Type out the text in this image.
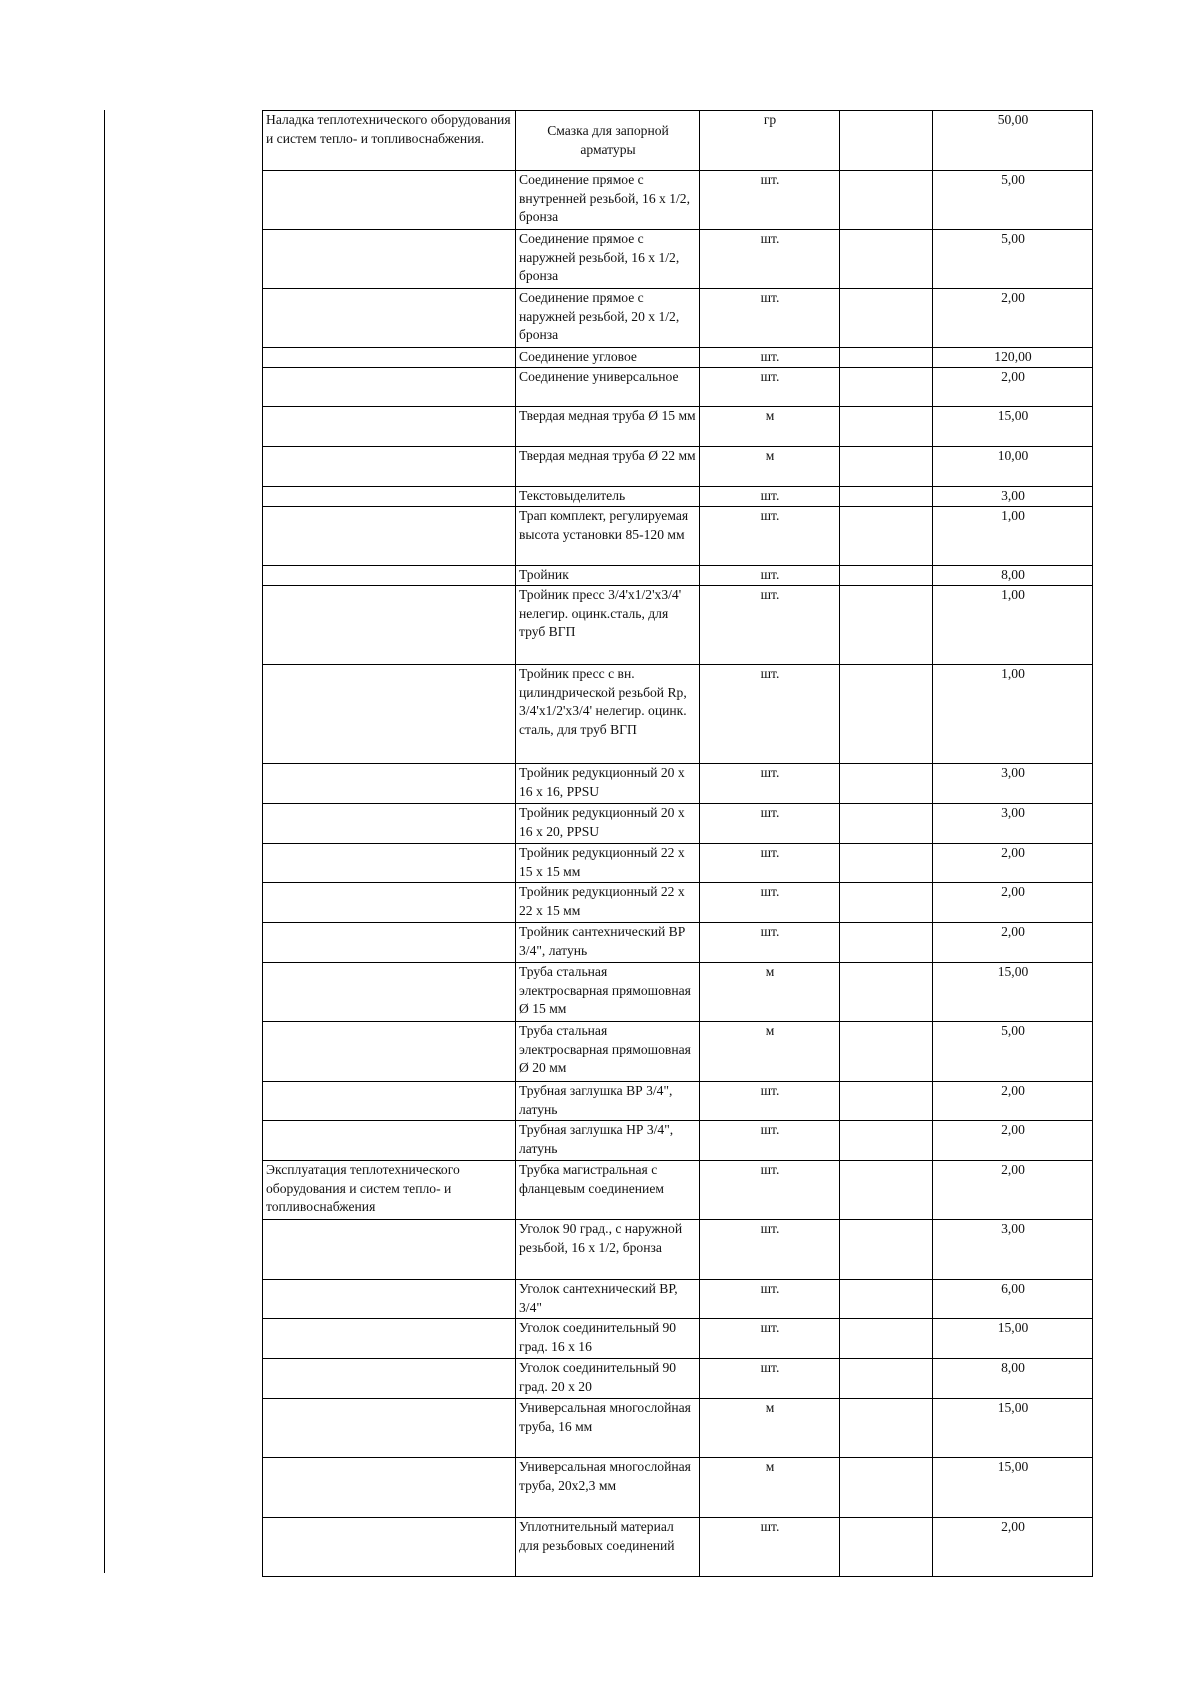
Наладка теплотехнического оборудования и систем тепло- и топливоснабжения.	Смазка для запорной арматуры	гр		50,00
	Соединение прямое с внутренней резьбой, 16 x 1/2, бронза	шт.		5,00
	Соединение прямое с наружней резьбой, 16 x 1/2, бронза	шт.		5,00
	Соединение прямое с наружней резьбой, 20 x 1/2, бронза	шт.		2,00
	Соединение угловое	шт.		120,00
	Соединение универсальное	шт.		2,00
	Твердая медная труба Ø 15 мм	м		15,00
	Твердая медная труба Ø 22 мм	м		10,00
	Текстовыделитель	шт.		3,00
	Трап комплект, регулируемая высота установки 85-120 мм	шт.		1,00
	Тройник	шт.		8,00
	Тройник пресс 3/4'x1/2'x3/4' нелегир. оцинк.сталь, для труб ВГП	шт.		1,00
	Тройник пресс с вн. цилиндрической резьбой Rp, 3/4'x1/2'x3/4' нелегир. оцинк. сталь, для труб ВГП	шт.		1,00
	Тройник редукционный 20 x 16 x 16, PPSU	шт.		3,00
	Тройник редукционный 20 x 16 x 20, PPSU	шт.		3,00
	Тройник редукционный 22 x 15 x 15 мм	шт.		2,00
	Тройник редукционный 22 x 22 x 15 мм	шт.		2,00
	Тройник сантехнический ВР 3/4", латунь	шт.		2,00
	Труба стальная электросварная прямошовная Ø 15 мм	м		15,00
	Труба стальная электросварная прямошовная Ø 20 мм	м		5,00
	Трубная заглушка ВР 3/4", латунь	шт.		2,00
	Трубная заглушка НР 3/4", латунь	шт.		2,00
Эксплуатация теплотехнического оборудования и систем тепло- и топливоснабжения	Трубка магистральная с фланцевым соединением	шт.		2,00
	Уголок 90 град., с наружной резьбой, 16 x 1/2, бронза	шт.		3,00
	Уголок сантехнический ВР, 3/4"	шт.		6,00
	Уголок соединительный 90 град. 16 x 16	шт.		15,00
	Уголок соединительный 90 град. 20 x 20	шт.		8,00
	Универсальная многослойная труба, 16 мм	м		15,00
	Универсальная многослойная труба, 20x2,3 мм	м		15,00
	Уплотнительный материал для резьбовых соединений	шт.		2,00
